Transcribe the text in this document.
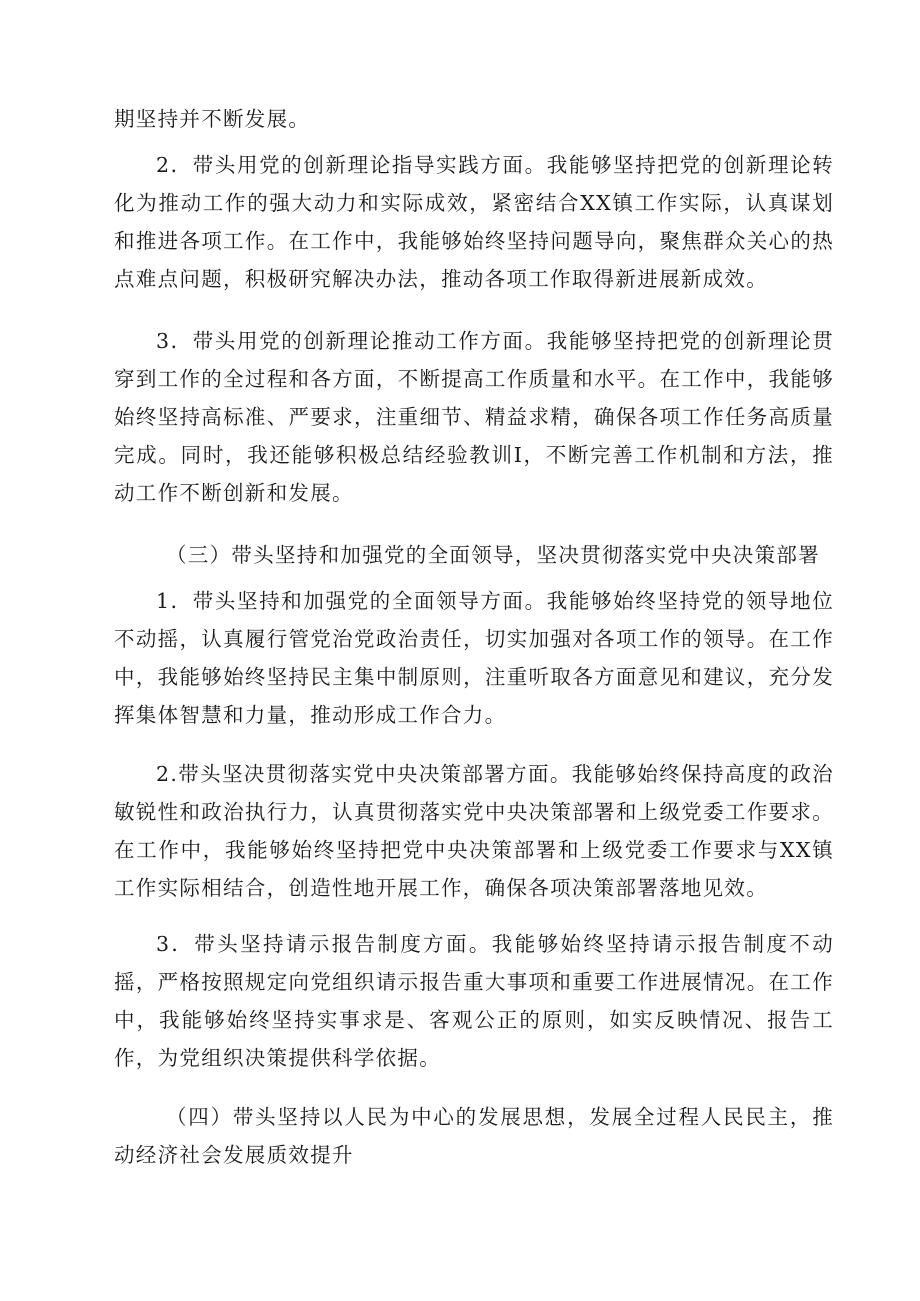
期坚持并不断发展。

2．带头用党的创新理论指导实践方面。我能够坚持把党的创新理论转化为推动工作的强大动力和实际成效，紧密结合XX镇工作实际，认真谋划和推进各项工作。在工作中，我能够始终坚持问题导向，聚焦群众关心的热点难点问题，积极研究解决办法，推动各项工作取得新进展新成效。

3．带头用党的创新理论推动工作方面。我能够坚持把党的创新理论贯穿到工作的全过程和各方面，不断提高工作质量和水平。在工作中，我能够始终坚持高标准、严要求，注重细节、精益求精，确保各项工作任务高质量完成。同时，我还能够积极总结经验教训I，不断完善工作机制和方法，推动工作不断创新和发展。

（三）带头坚持和加强党的全面领导，坚决贯彻落实党中央决策部署

1．带头坚持和加强党的全面领导方面。我能够始终坚持党的领导地位不动摇，认真履行管党治党政治责任，切实加强对各项工作的领导。在工作中，我能够始终坚持民主集中制原则，注重听取各方面意见和建议，充分发挥集体智慧和力量，推动形成工作合力。

2.带头坚决贯彻落实党中央决策部署方面。我能够始终保持高度的政治敏锐性和政治执行力，认真贯彻落实党中央决策部署和上级党委工作要求。在工作中，我能够始终坚持把党中央决策部署和上级党委工作要求与XX镇工作实际相结合，创造性地开展工作，确保各项决策部署落地见效。

3．带头坚持请示报告制度方面。我能够始终坚持请示报告制度不动摇，严格按照规定向党组织请示报告重大事项和重要工作进展情况。在工作中，我能够始终坚持实事求是、客观公正的原则，如实反映情况、报告工作，为党组织决策提供科学依据。

（四）带头坚持以人民为中心的发展思想，发展全过程人民民主，推动经济社会发展质效提升
